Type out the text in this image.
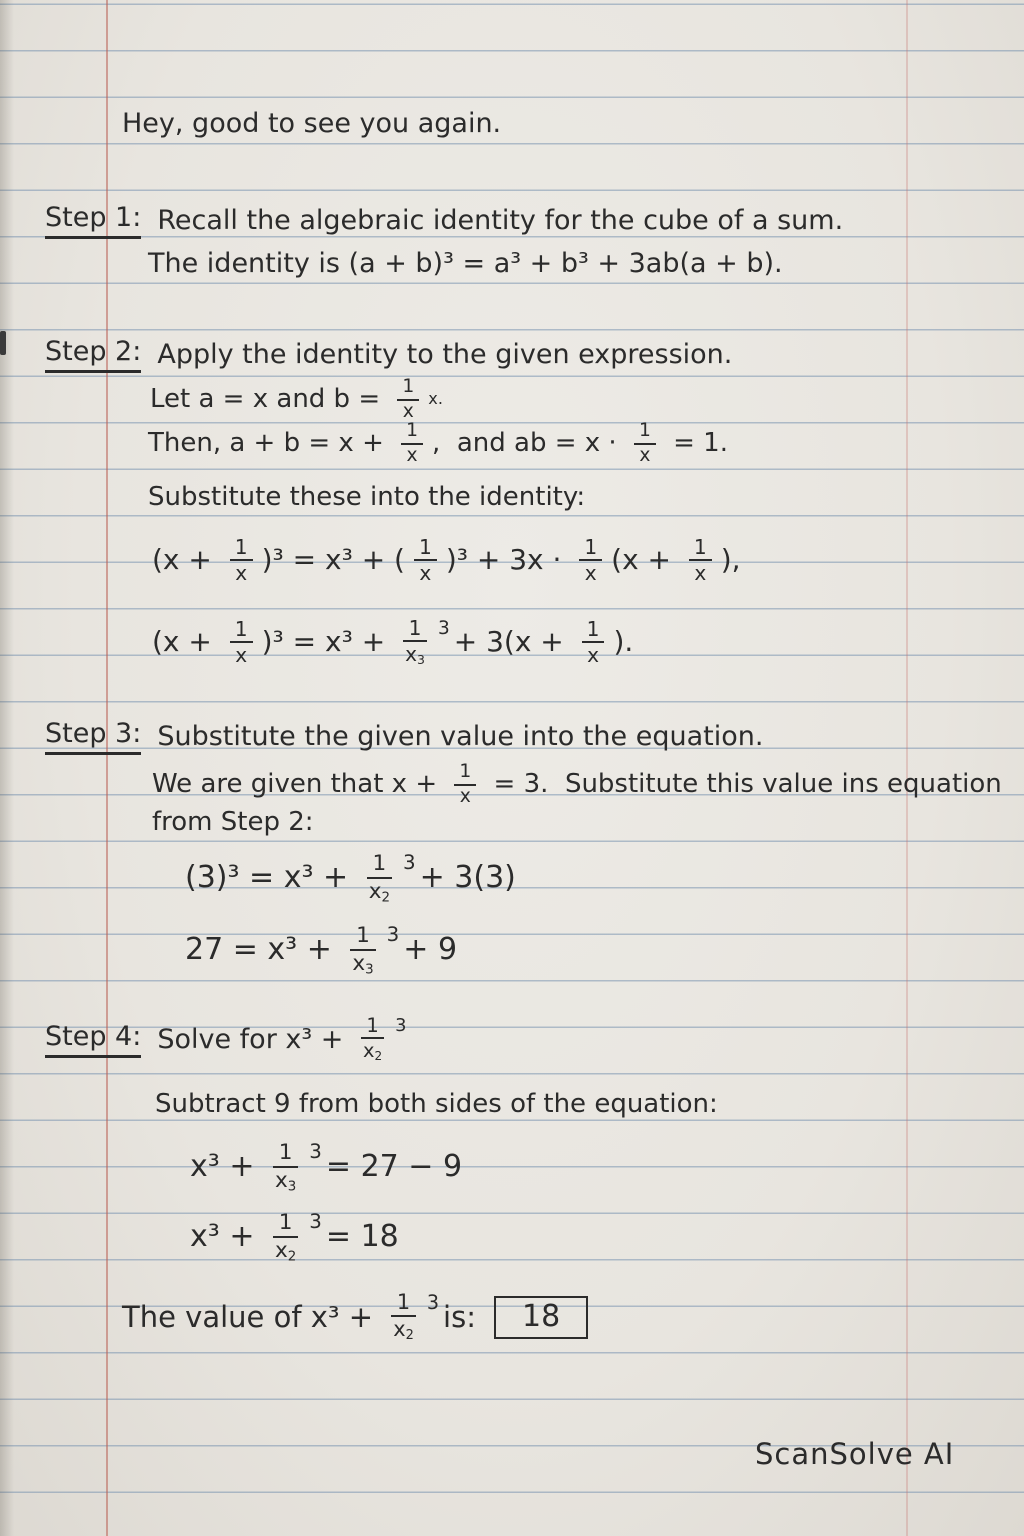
Hey, good to see you again.
Step 1: Recall the algebraic identity for the cube of a sum.
The identity is (a + b)³ = a³ + b³ + 3ab(a + b).
Step 2: Apply the identity to the given expression.
Let a = x and $b = \frac{1}{x} x$.
Then, $a + b = x + \frac{1}{x}$ ,  and ab = $x \cdot \frac{1}{x} = 1$.
Substitute these into the identity:
$(x + \frac{1}{x} )^3 = x^3$ + ( $\frac{1}{x} )^3 + 3x \cdot \frac{1}{x} (x + \frac{1}{x}$ ),
$(x + \frac{1}{x} )^3 = x^3 + \frac{1}{x3} 3 + 3(x + \frac{1}{x}$ ).
Step 3: Substitute the given value into the equation.
We are given that $x + \frac{1}{x} = 3$.  Substitute this value ins equation
from Step 2:
$(3)^3 = x^3 + \frac{1}{x2} 3 + 3(3)$
$27 = x^3 + \frac{1}{x3} 3 + 9$
Step 4: Solve for $x^3 + \frac{1}{x2} 3$
Subtract 9 from both sides of the equation:
$x^3 + \frac{1}{x3} 3 = 27 - 9$
$x^3 + \frac{1}{x2} 3 = 18$
The value of $x^3 + \frac{1}{x2} 3$ is:	18
ScanSolve AI
